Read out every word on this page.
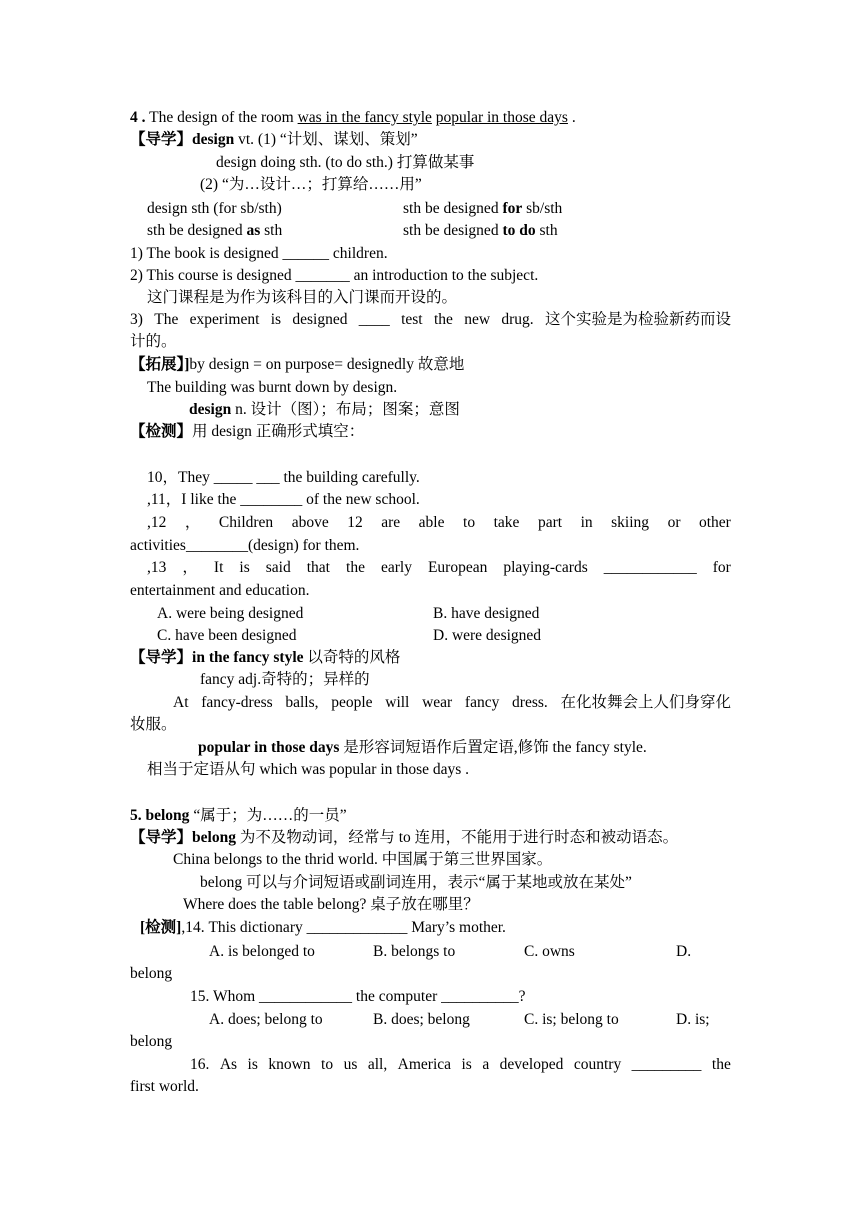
4 . The design of the room was in the fancy style popular in those days .
【导学】design vt. (1) “计划、谋划、策划”
design doing sth. (to do sth.) 打算做某事
(2) “为…设计…；打算给……用”
design sth (for sb/sth)	sth be designed for sb/sth
sth be designed as sth	sth be designed to do sth
1) The book is designed ______ children.
2) This course is designed _______ an introduction to the subject.
这门课程是为作为该科目的入门课而开设的。
3) The experiment is designed ____ test the new drug. 这个实验是为检验新药而设
计的。
【拓展】]by design = on purpose= designedly 故意地
The building was burnt down by design.
design n. 设计（图）；布局；图案；意图
【检测】用 design 正确形式填空：
10，They _____ ___ the building carefully.
,11，I like the ________ of the new school.
,12 ， Children above 12 are able to take part in skiing or other
activities________(design) for them.
,13 ， It is said that the early European playing-cards ____________ for
entertainment and education.
A. were being designed	B. have designed
C. have been designed	D. were designed
【导学】in the fancy style 以奇特的风格
fancy adj.奇特的；异样的
At fancy-dress balls, people will wear fancy dress. 在化妆舞会上人们身穿化
妆服。
popular in those days 是形容词短语作后置定语,修饰 the fancy style.
相当于定语从句 which was popular in those days .
5. belong “属于；为……的一员”
【导学】belong 为不及物动词，经常与 to 连用，不能用于进行时态和被动语态。
China belongs to the thrid world. 中国属于第三世界国家。
belong 可以与介词短语或副词连用，表示“属于某地或放在某处”
Where does the table belong? 桌子放在哪里？
[检测],14. This dictionary _____________ Mary’s mother.
A. is belonged to	B. belongs to	C. owns	D.
belong
15. Whom ____________ the computer __________?
A. does; belong to	B. does; belong	C. is; belong to	D. is;
belong
16. As is known to us all, America is a developed country _________ the
first world.
